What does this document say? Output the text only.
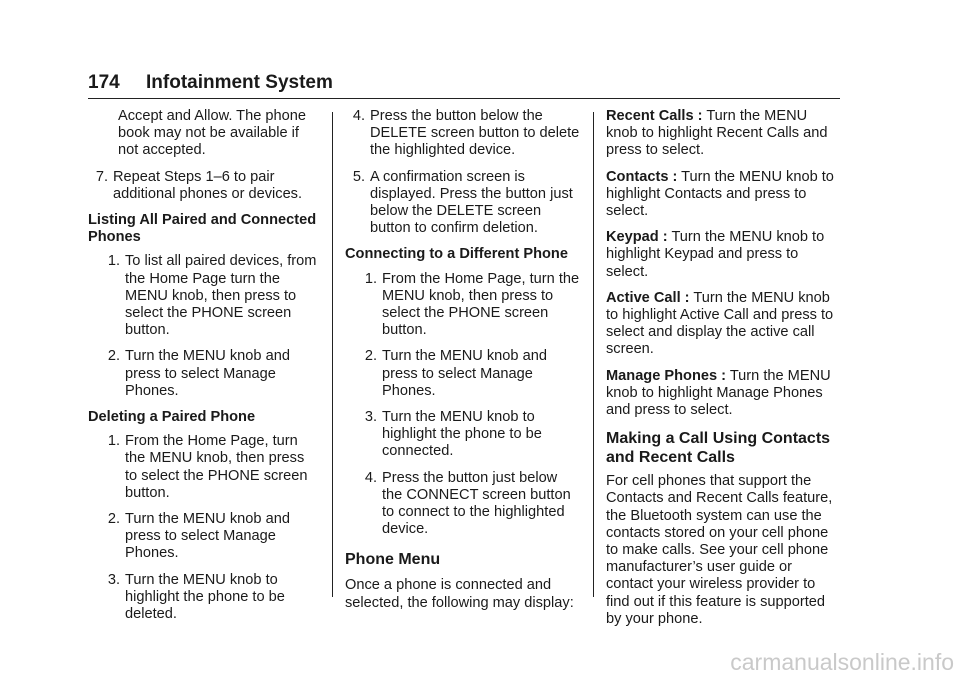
174 Infotainment System

Accept and Allow. The phone book may not be available if not accepted.

7. Repeat Steps 1–6 to pair additional phones or devices.
Listing All Paired and Connected Phones
1. To list all paired devices, from the Home Page turn the MENU knob, then press to select the PHONE screen button.
2. Turn the MENU knob and press to select Manage Phones.
Deleting a Paired Phone
1. From the Home Page, turn the MENU knob, then press to select the PHONE screen button.
2. Turn the MENU knob and press to select Manage Phones.
3. Turn the MENU knob to highlight the phone to be deleted.
4. Press the button below the DELETE screen button to delete the highlighted device.
5. A confirmation screen is displayed. Press the button just below the DELETE screen button to confirm deletion.
Connecting to a Different Phone
1. From the Home Page, turn the MENU knob, then press to select the PHONE screen button.
2. Turn the MENU knob and press to select Manage Phones.
3. Turn the MENU knob to highlight the phone to be connected.
4. Press the button just below the CONNECT screen button to connect to the highlighted device.
Phone Menu

Once a phone is connected and selected, the following may display:

Recent Calls : Turn the MENU knob to highlight Recent Calls and press to select.

Contacts : Turn the MENU knob to highlight Contacts and press to select.

Keypad : Turn the MENU knob to highlight Keypad and press to select.

Active Call : Turn the MENU knob to highlight Active Call and press to select and display the active call screen.

Manage Phones : Turn the MENU knob to highlight Manage Phones and press to select.

Making a Call Using Contacts and Recent Calls

For cell phones that support the Contacts and Recent Calls feature, the Bluetooth system can use the contacts stored on your cell phone to make calls. See your cell phone manufacturer’s user guide or contact your wireless provider to find out if this feature is supported by your phone.

carmanualsonline.info
